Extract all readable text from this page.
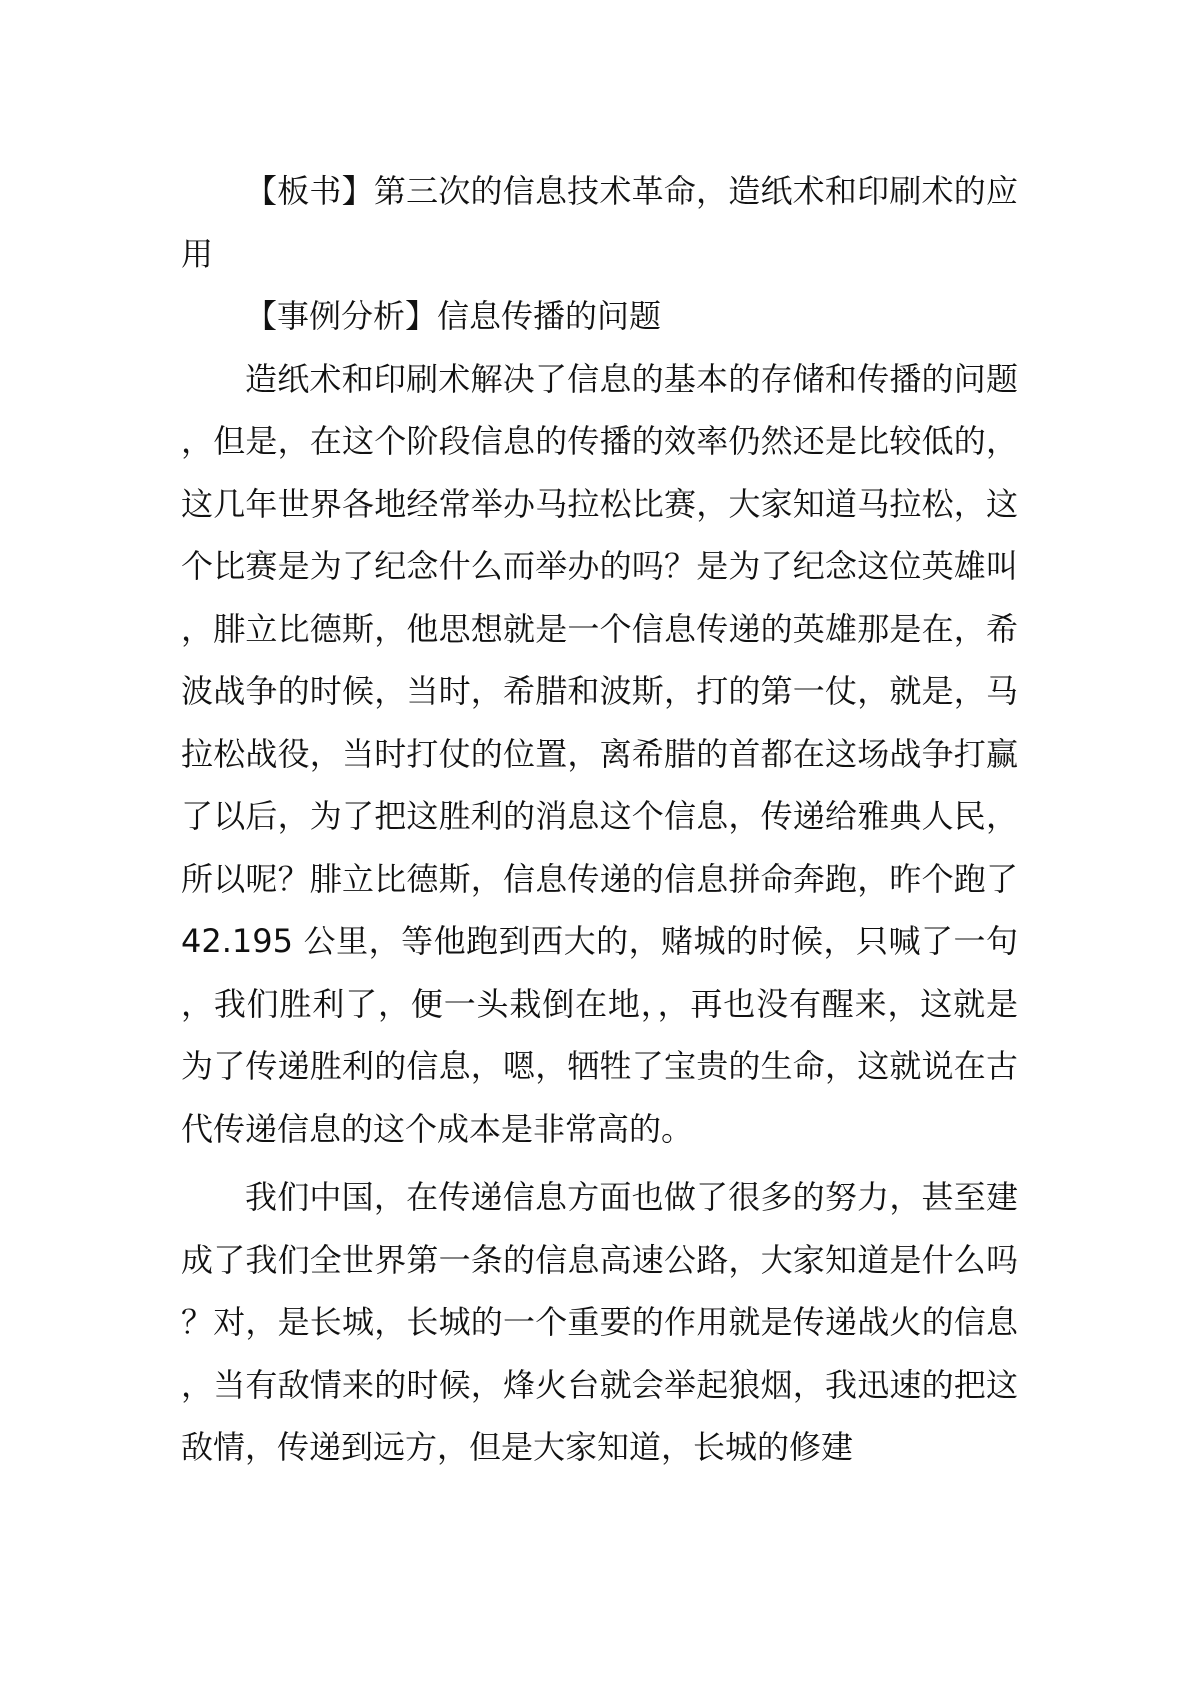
【板书】第三次的信息技术革命，造纸术和印刷术的应用

【事例分析】信息传播的问题

造纸术和印刷术解决了信息的基本的存储和传播的问题，但是，在这个阶段信息的传播的效率仍然还是比较低的，这几年世界各地经常举办马拉松比赛，大家知道马拉松，这个比赛是为了纪念什么而举办的吗？是为了纪念这位英雄叫，腓立比德斯，他思想就是一个信息传递的英雄那是在，希波战争的时候，当时，希腊和波斯，打的第一仗，就是，马拉松战役，当时打仗的位置，离希腊的首都在这场战争打赢了以后，为了把这胜利的消息这个信息，传递给雅典人民，所以呢？腓立比德斯，信息传递的信息拼命奔跑，昨个跑了 42.195 公里，等他跑到西大的，赌城的时候，只喊了一句，我们胜利了，便一头栽倒在地，，再也没有醒来，这就是为了传递胜利的信息，嗯，牺牲了宝贵的生命，这就说在古代传递信息的这个成本是非常高的。

我们中国，在传递信息方面也做了很多的努力，甚至建成了我们全世界第一条的信息高速公路，大家知道是什么吗？对，是长城，长城的一个重要的作用就是传递战火的信息，当有敌情来的时候，烽火台就会举起狼烟，我迅速的把这敌情，传递到远方，但是大家知道，长城的修建
